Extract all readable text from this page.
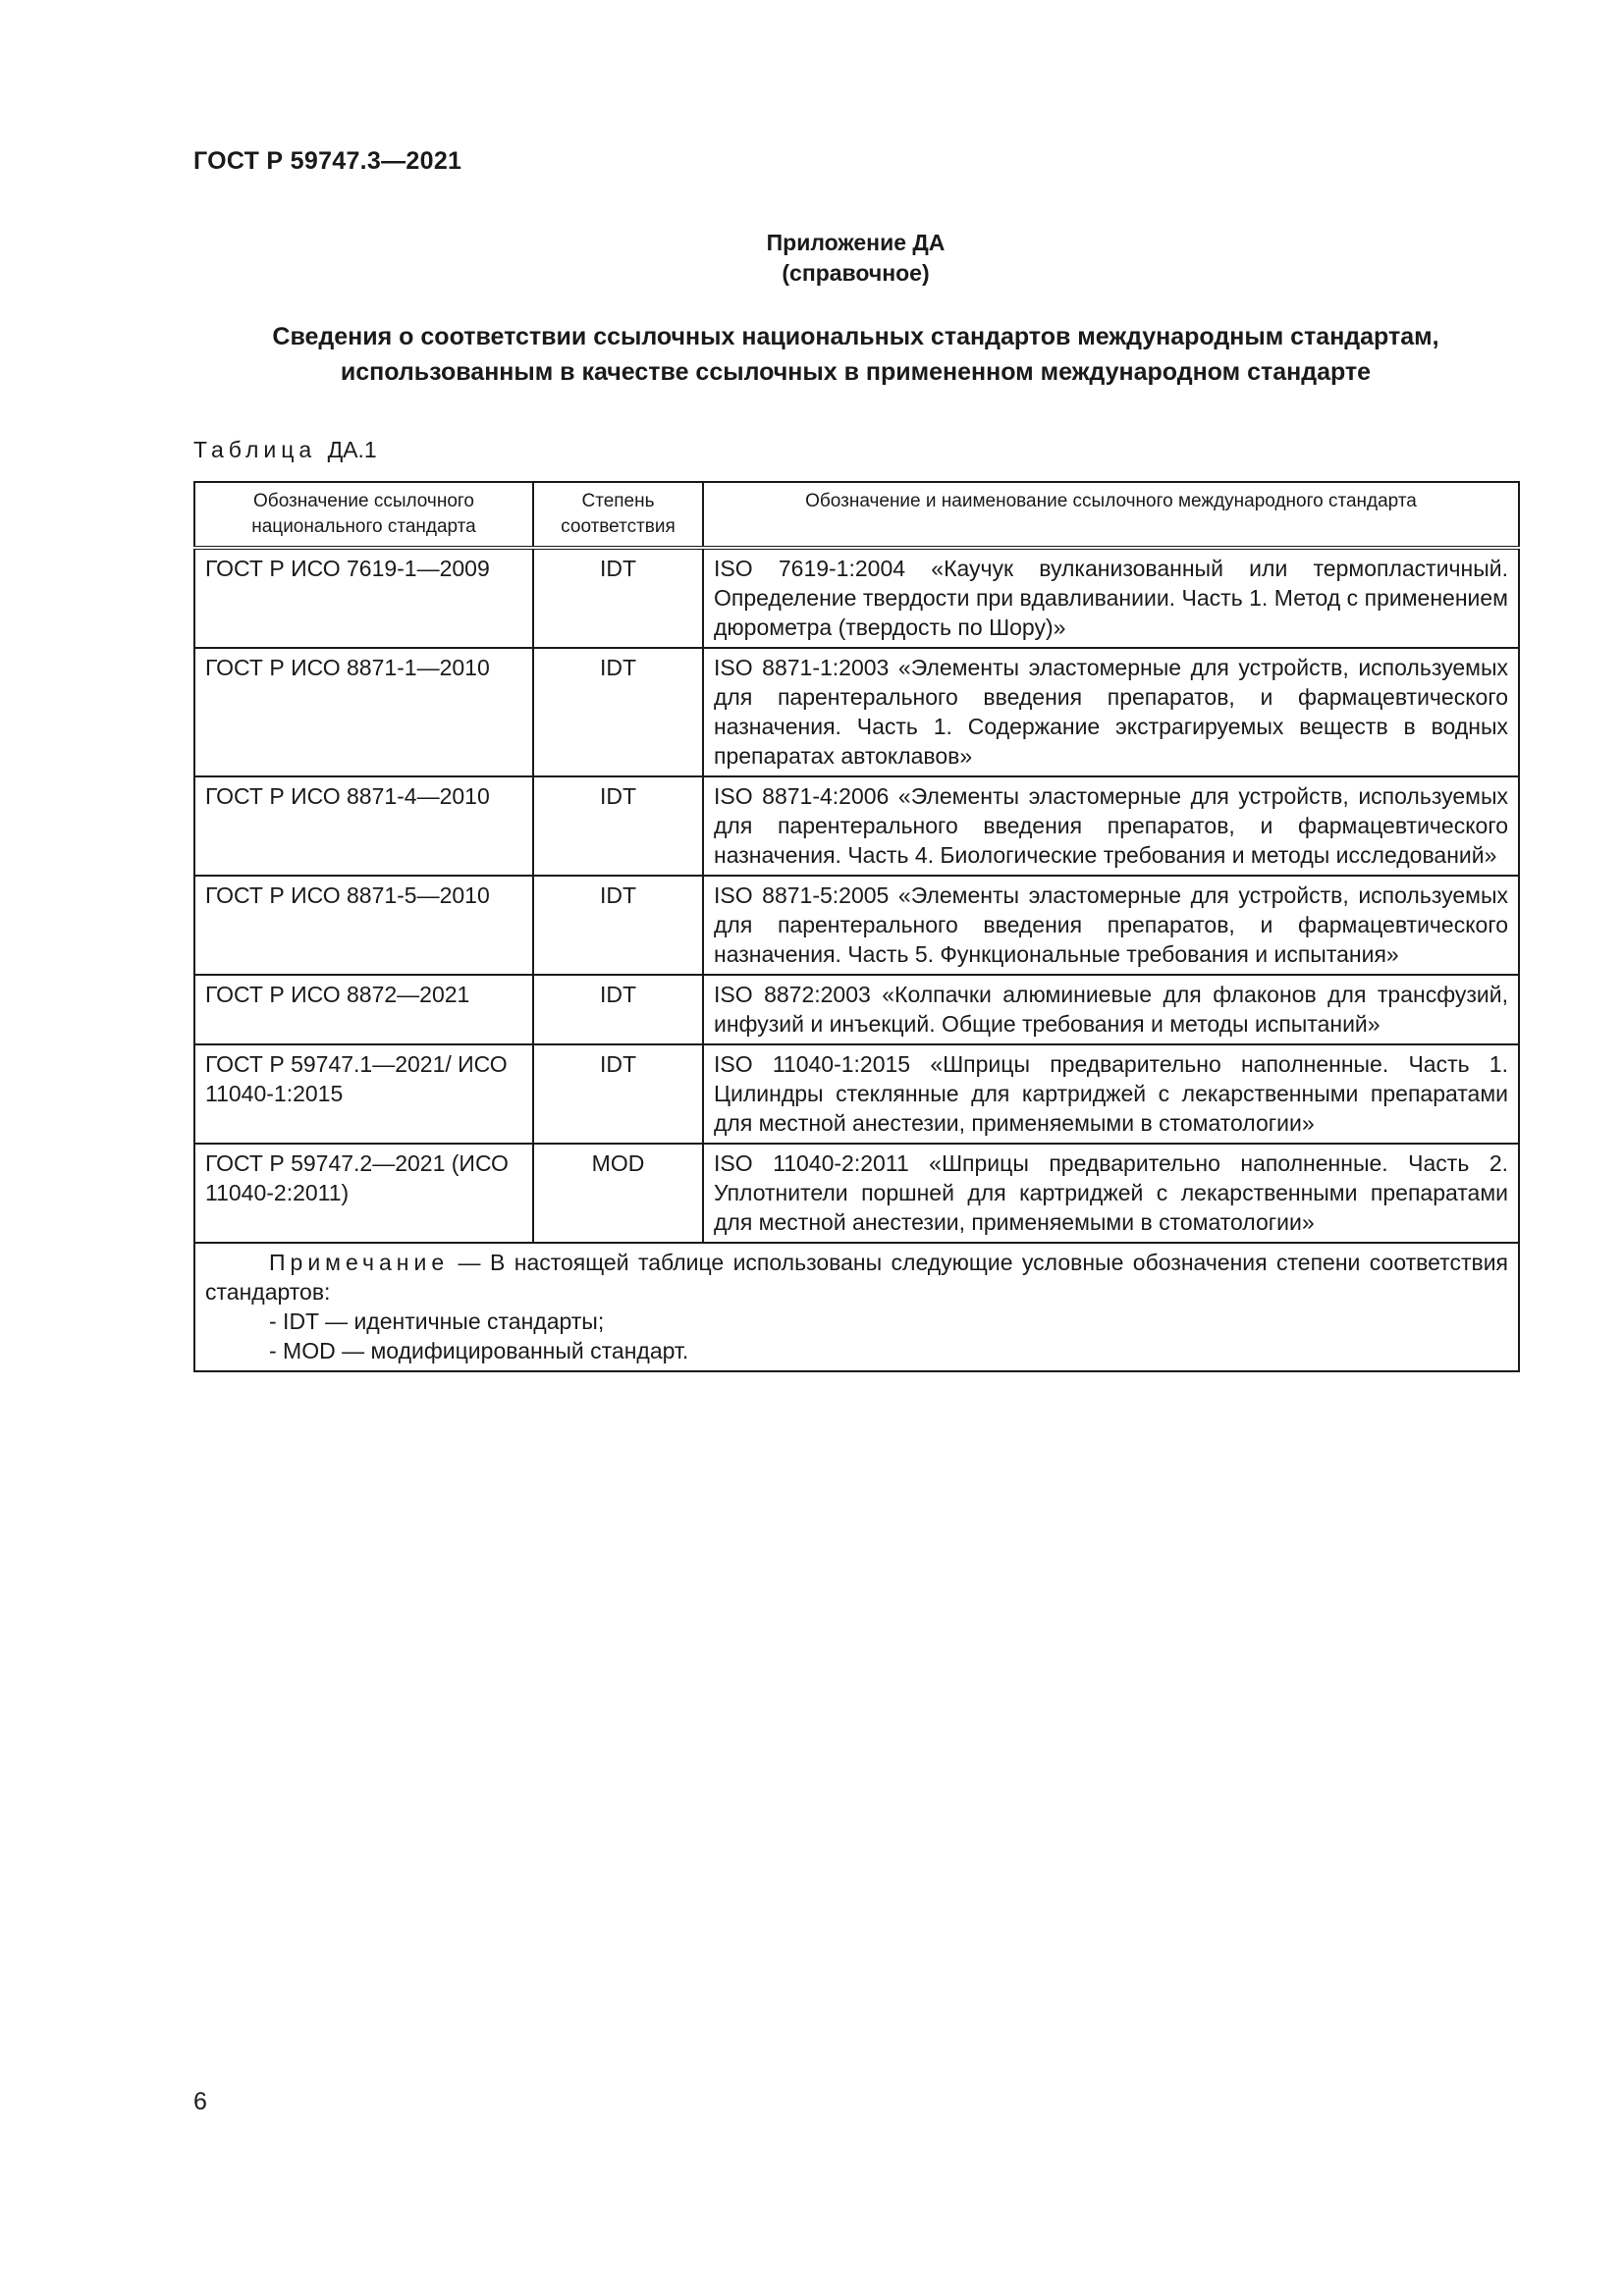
ГОСТ Р 59747.3—2021
Приложение ДА
(справочное)
Сведения о соответствии ссылочных национальных стандартов международным стандартам,
использованным в качестве ссылочных в примененном международном стандарте
Таблица ДА.1
Обозначение ссылочного национального стандарта	Степень соответствия	Обозначение и наименование ссылочного международного стандарта
ГОСТ Р ИСО 7619-1—2009	IDT	ISO 7619-1:2004 «Каучук вулканизованный или термопластичный. Определение твердости при вдавливаниии. Часть 1. Метод с применением дюрометра (твердость по Шору)»
ГОСТ Р ИСО 8871-1—2010	IDT	ISO 8871-1:2003 «Элементы эластомерные для устройств, используемых для парентерального введения препаратов, и фармацевтического назначения. Часть 1. Содержание экстрагируемых веществ в водных препаратах автоклавов»
ГОСТ Р ИСО 8871-4—2010	IDT	ISO 8871-4:2006 «Элементы эластомерные для устройств, используемых для парентерального введения препаратов, и фармацевтического назначения. Часть 4. Биологические требования и методы исследований»
ГОСТ Р ИСО 8871-5—2010	IDT	ISO 8871-5:2005 «Элементы эластомерные для устройств, используемых для парентерального введения препаратов, и фармацевтического назначения. Часть 5. Функциональные требования и испытания»
ГОСТ Р ИСО 8872—2021	IDT	ISO 8872:2003 «Колпачки алюминиевые для флаконов для трансфузий, инфузий и инъекций. Общие требования и методы испытаний»
ГОСТ Р 59747.1—2021/ ИСО 11040-1:2015	IDT	ISO 11040-1:2015 «Шприцы предварительно наполненные. Часть 1. Цилиндры стеклянные для картриджей с лекарственными препаратами для местной анестезии, применяемыми в стоматологии»
ГОСТ Р 59747.2—2021 (ИСО 11040-2:2011)	MOD	ISO 11040-2:2011 «Шприцы предварительно наполненные. Часть 2. Уплотнители поршней для картриджей с лекарственными препаратами для местной анестезии, применяемыми в стоматологии»

Примечание — В настоящей таблице использованы следующие условные обозначения степени соответствия стандартов:
- IDT — идентичные стандарты;
- MOD — модифицированный стандарт.		
6
